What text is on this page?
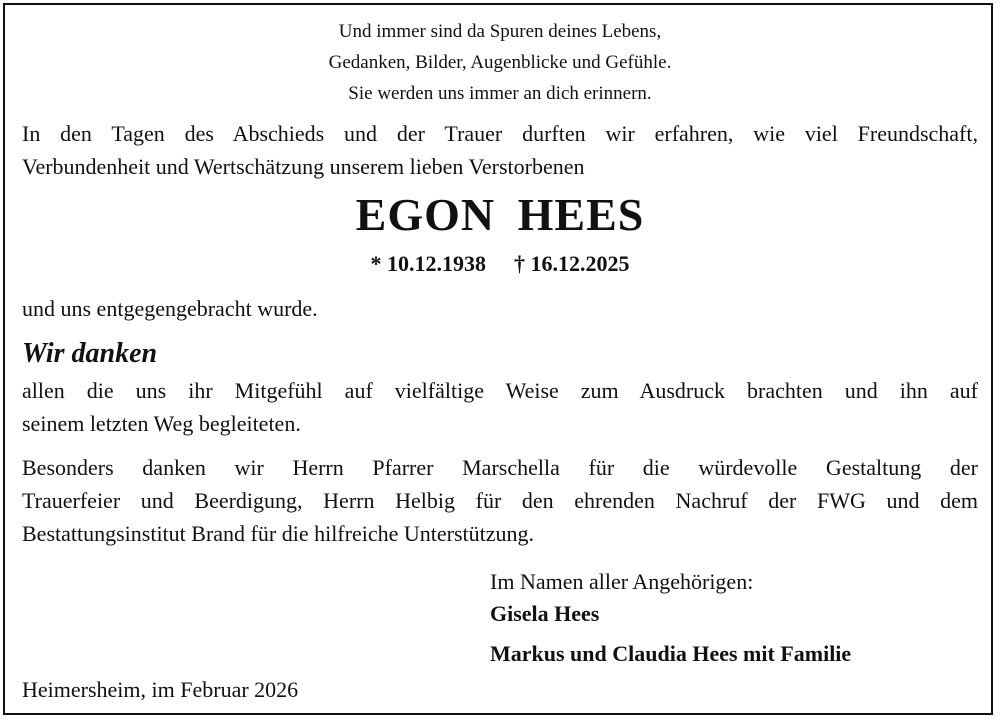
Und immer sind da Spuren deines Lebens,
Gedanken, Bilder, Augenblicke und Gefühle.
Sie werden uns immer an dich erinnern.
In den Tagen des Abschieds und der Trauer durften wir erfahren, wie viel Freundschaft,
Verbundenheit und Wertschätzung unserem lieben Verstorbenen
EGON HEES
* 10.12.1938 † 16.12.2025
und uns entgegengebracht wurde.
Wir danken
allen die uns ihr Mitgefühl auf vielfältige Weise zum Ausdruck brachten und ihn auf
seinem letzten Weg begleiteten.
Besonders danken wir Herrn Pfarrer Marschella für die würdevolle Gestaltung der
Trauerfeier und Beerdigung, Herrn Helbig für den ehrenden Nachruf der FWG und dem
Bestattungsinstitut Brand für die hilfreiche Unterstützung.
Im Namen aller Angehörigen:
Gisela Hees
Markus und Claudia Hees mit Familie
Heimersheim, im Februar 2026
